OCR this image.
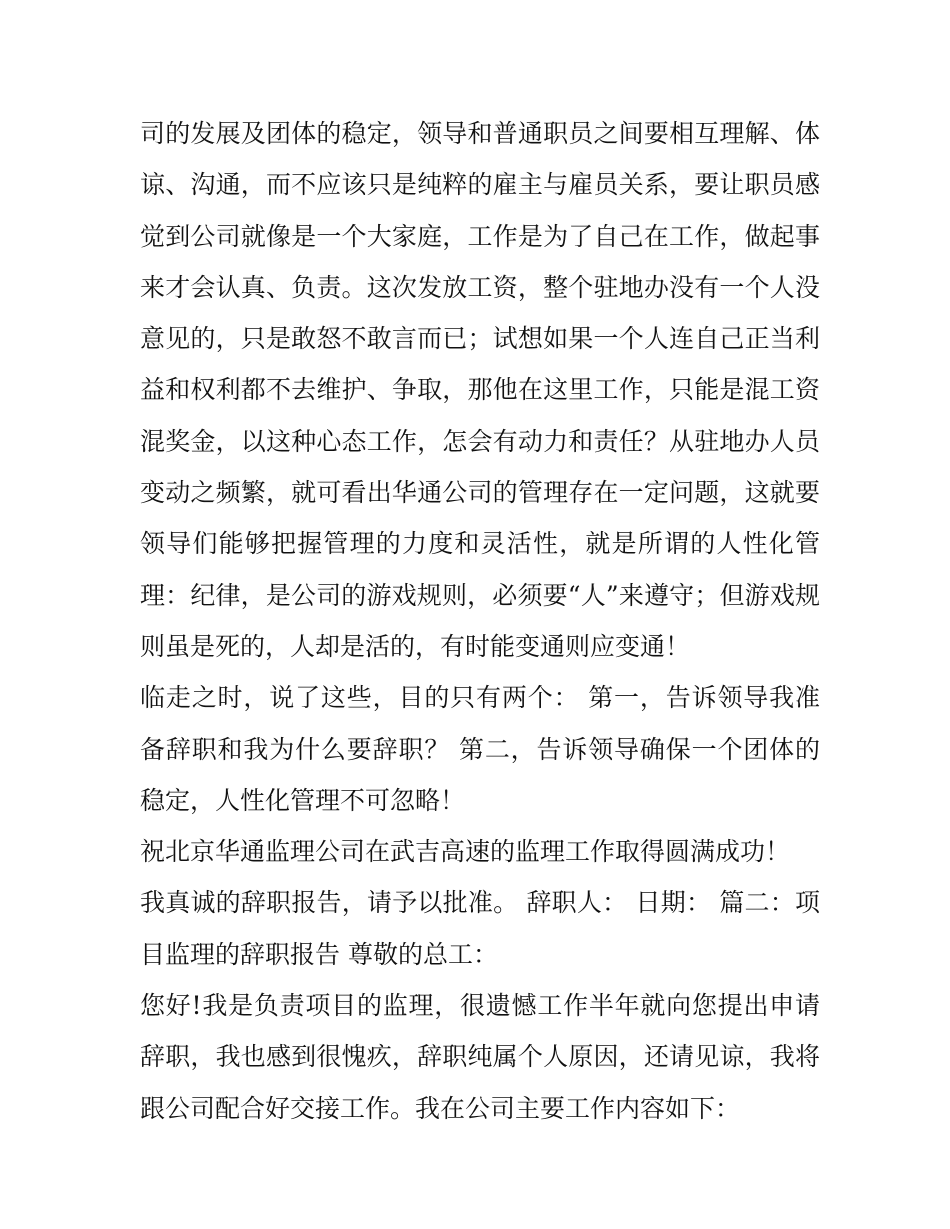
司的发展及团体的稳定，领导和普通职员之间要相互理解、体
谅、沟通，而不应该只是纯粹的雇主与雇员关系，要让职员感
觉到公司就像是一个大家庭，工作是为了自己在工作，做起事
来才会认真、负责。这次发放工资，整个驻地办没有一个人没
意见的，只是敢怒不敢言而已；试想如果一个人连自己正当利
益和权利都不去维护、争取，那他在这里工作，只能是混工资
混奖金，以这种心态工作，怎会有动力和责任？从驻地办人员
变动之频繁，就可看出华通公司的管理存在一定问题，这就要
领导们能够把握管理的力度和灵活性，就是所谓的人性化管
理：纪律，是公司的游戏规则，必须要“人”来遵守；但游戏规
则虽是死的，人却是活的，有时能变通则应变通！
临走之时，说了这些，目的只有两个： 第一，告诉领导我准
备辞职和我为什么要辞职？ 第二，告诉领导确保一个团体的
稳定，人性化管理不可忽略！
祝北京华通监理公司在武吉高速的监理工作取得圆满成功！
我真诚的辞职报告，请予以批准。 辞职人： 日期： 篇二：项
目监理的辞职报告 尊敬的总工：
您好!我是负责项目的监理，很遗憾工作半年就向您提出申请
辞职，我也感到很愧疚，辞职纯属个人原因，还请见谅，我将
跟公司配合好交接工作。我在公司主要工作内容如下：
